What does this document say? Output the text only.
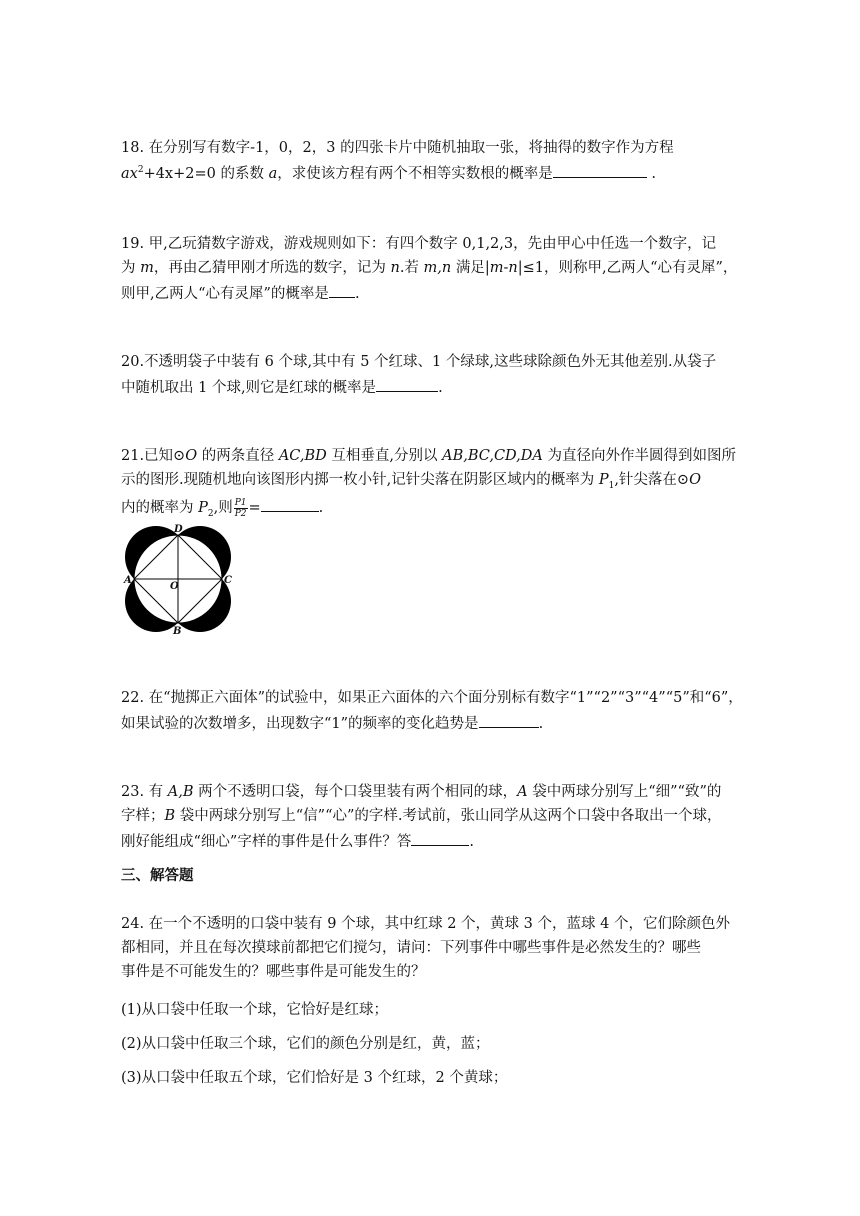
18. 在分别写有数字-1，0，2，3 的四张卡片中随机抽取一张，将抽得的数字作为方程
$ax^2+4x+2=0$ 的系数 a，求使该方程有两个不相等实数根的概率是	.
19. 甲,乙玩猜数字游戏，游戏规则如下：有四个数字 0,1,2,3，先由甲心中任选一个数字，记
为 m，再由乙猜甲刚才所选的数字，记为 n.若 m,n 满足|m-n|≤1，则称甲,乙两人“心有灵犀”，
则甲,乙两人“心有灵犀”的概率是 .
20.不透明袋子中装有 6 个球,其中有 5 个红球、1 个绿球,这些球除颜色外无其他差别.从袋子
中随机取出 1 个球,则它是红球的概率是	.
21.已知⊙O 的两条直径 AC,BD 互相垂直,分别以 AB,BC,CD,DA 为直径向外作半圆得到如图所
示的图形.现随机地向该图形内掷一枚小针,记针尖落在阴影区域内的概率为 $P_1$,针尖落在⊙O
内的概率为 $P_2$,则 $\frac{P1}{P2}$ =	.
D
A	C
B
O
22. 在“抛掷正六面体”的试验中，如果正六面体的六个面分别标有数字“1”“2”“3”“4”“5”和“6”，
如果试验的次数增多，出现数字“1”的频率的变化趋势是	.
23. 有 A,B 两个不透明口袋，每个口袋里装有两个相同的球，A 袋中两球分别写上“细”“致”的
字样；B 袋中两球分别写上“信”“心”的字样.考试前，张山同学从这两个口袋中各取出一个球，
刚好能组成“细心”字样的事件是什么事件？答	.
三、解答题
24. 在一个不透明的口袋中装有 9 个球，其中红球 2 个，黄球 3 个，蓝球 4 个，它们除颜色外
都相同，并且在每次摸球前都把它们搅匀，请问：下列事件中哪些事件是必然发生的？哪些
事件是不可能发生的？哪些事件是可能发生的？
(1)从口袋中任取一个球，它恰好是红球；
(2)从口袋中任取三个球，它们的颜色分别是红，黄，蓝；
(3)从口袋中任取五个球，它们恰好是 3 个红球，2 个黄球；
